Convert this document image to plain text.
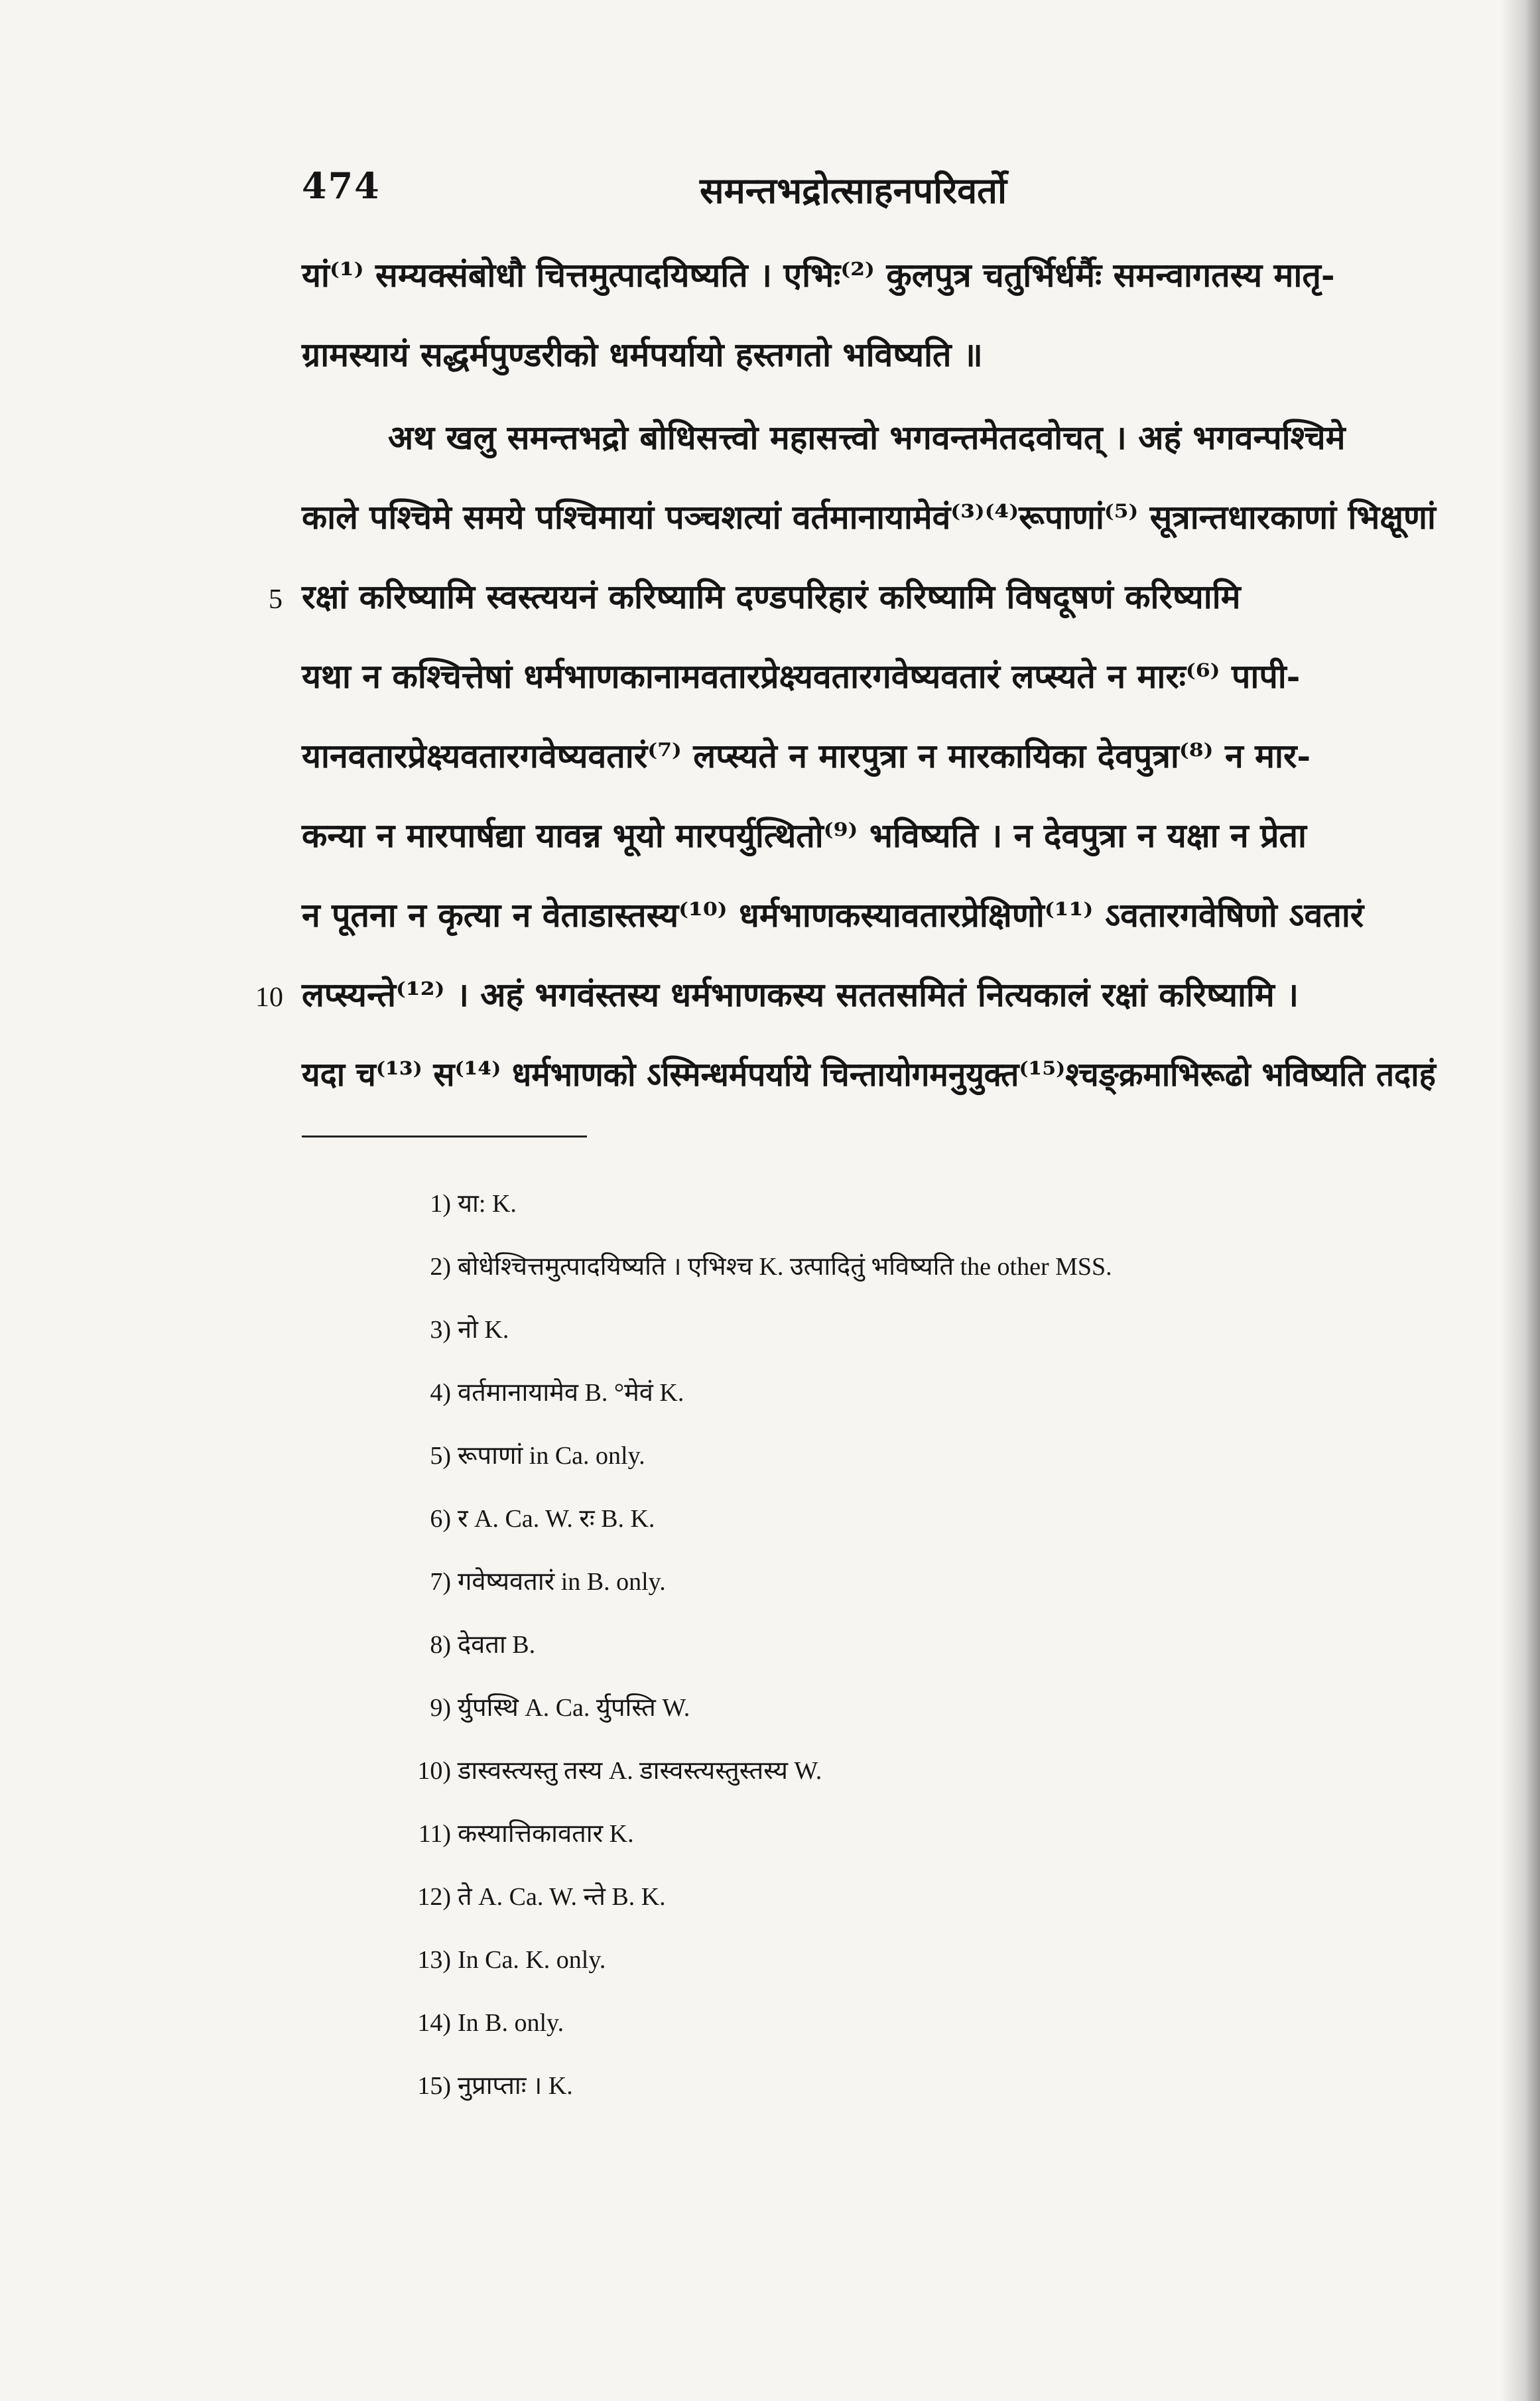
474	समन्तभद्रोत्साहनपरिवर्तो
यां⁽¹⁾ सम्यक्संबोधौ चित्तमुत्पादयिष्यति । एभिः⁽²⁾ कुलपुत्र चतुर्भिर्धर्मैः समन्वागतस्य मातृ-
ग्रामस्यायं सद्धर्मपुण्डरीको धर्मपर्यायो हस्तगतो भविष्यति ॥
अथ खलु समन्तभद्रो बोधिसत्त्वो महासत्त्वो भगवन्तमेतदवोचत् । अहं भगवन्पश्चिमे
काले पश्चिमे समये पश्चिमायां पञ्चशत्यां वर्तमानायामेवं⁽³⁾⁽⁴⁾रूपाणां⁽⁵⁾ सूत्रान्तधारकाणां भिक्षूणां
रक्षां करिष्यामि स्वस्त्ययनं करिष्यामि दण्डपरिहारं करिष्यामि विषदूषणं करिष्यामि
यथा न कश्चित्तेषां धर्मभाणकानामवतारप्रेक्ष्यवतारगवेष्यवतारं लप्स्यते न मारः⁽⁶⁾ पापी-
यानवतारप्रेक्ष्यवतारगवेष्यवतारं⁽⁷⁾ लप्स्यते न मारपुत्रा न मारकायिका देवपुत्रा⁽⁸⁾ न मार-
कन्या न मारपार्षद्या यावन्न भूयो मारपर्युत्थितो⁽⁹⁾ भविष्यति । न देवपुत्रा न यक्षा न प्रेता
न पूतना न कृत्या न वेताडास्तस्य⁽¹⁰⁾ धर्मभाणकस्यावतारप्रेक्षिणो⁽¹¹⁾ ऽवतारगवेषिणो ऽवतारं
लप्स्यन्ते⁽¹²⁾ । अहं भगवंस्तस्य धर्मभाणकस्य सततसमितं नित्यकालं रक्षां करिष्यामि ।
यदा च⁽¹³⁾ स⁽¹⁴⁾ धर्मभाणको ऽस्मिन्धर्मपर्याये चिन्तायोगमनुयुक्त⁽¹⁵⁾श्चङ्क्रमाभिरूढो भविष्यति तदाहं
5
10
1) या: K.
2) बोधेश्चित्तमुत्पादयिष्यति । एभिश्च K. उत्पादितुं भविष्यति the other MSS.
3) नो K.
4) वर्तमानायामेव B. °मेवं K.
5) रूपाणां in Ca. only.
6) र A. Ca. W. रः B. K.
7) गवेष्यवतारं in B. only.
8) देवता B.
9) र्युपस्थि A. Ca. र्युपस्ति W.
10) डास्वस्त्यस्तु तस्य A. डास्वस्त्यस्तुस्तस्य W.
11) कस्यात्तिकावतार K.
12) ते A. Ca. W. न्ते B. K.
13) In Ca. K. only.
14) In B. only.
15) नुप्राप्ताः । K.
